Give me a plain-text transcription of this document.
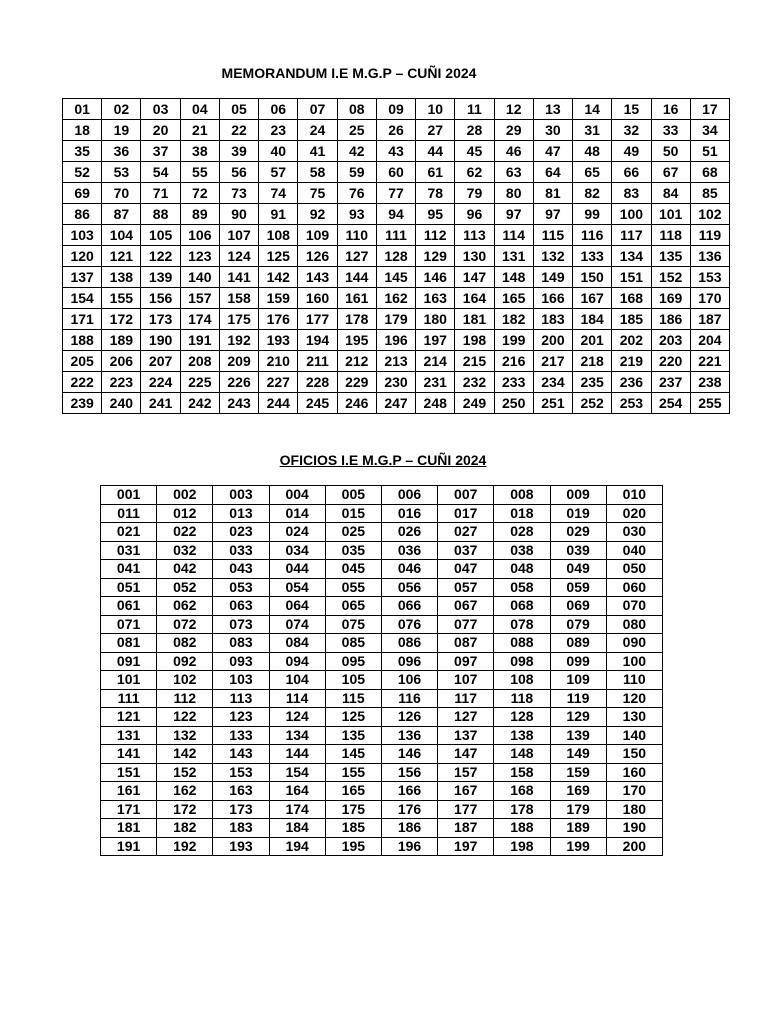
MEMORANDUM I.E M.G.P – CUÑI 2024
01	02	03	04	05	06	07	08	09	10	11	12	13	14	15	16	17
18	19	20	21	22	23	24	25	26	27	28	29	30	31	32	33	34
35	36	37	38	39	40	41	42	43	44	45	46	47	48	49	50	51
52	53	54	55	56	57	58	59	60	61	62	63	64	65	66	67	68
69	70	71	72	73	74	75	76	77	78	79	80	81	82	83	84	85
86	87	88	89	90	91	92	93	94	95	96	97	97	99	100	101	102
103	104	105	106	107	108	109	110	111	112	113	114	115	116	117	118	119
120	121	122	123	124	125	126	127	128	129	130	131	132	133	134	135	136
137	138	139	140	141	142	143	144	145	146	147	148	149	150	151	152	153
154	155	156	157	158	159	160	161	162	163	164	165	166	167	168	169	170
171	172	173	174	175	176	177	178	179	180	181	182	183	184	185	186	187
188	189	190	191	192	193	194	195	196	197	198	199	200	201	202	203	204
205	206	207	208	209	210	211	212	213	214	215	216	217	218	219	220	221
222	223	224	225	226	227	228	229	230	231	232	233	234	235	236	237	238
239	240	241	242	243	244	245	246	247	248	249	250	251	252	253	254	255
OFICIOS I.E M.G.P – CUÑI 2024
001	002	003	004	005	006	007	008	009	010
011	012	013	014	015	016	017	018	019	020
021	022	023	024	025	026	027	028	029	030
031	032	033	034	035	036	037	038	039	040
041	042	043	044	045	046	047	048	049	050
051	052	053	054	055	056	057	058	059	060
061	062	063	064	065	066	067	068	069	070
071	072	073	074	075	076	077	078	079	080
081	082	083	084	085	086	087	088	089	090
091	092	093	094	095	096	097	098	099	100
101	102	103	104	105	106	107	108	109	110
111	112	113	114	115	116	117	118	119	120
121	122	123	124	125	126	127	128	129	130
131	132	133	134	135	136	137	138	139	140
141	142	143	144	145	146	147	148	149	150
151	152	153	154	155	156	157	158	159	160
161	162	163	164	165	166	167	168	169	170
171	172	173	174	175	176	177	178	179	180
181	182	183	184	185	186	187	188	189	190
191	192	193	194	195	196	197	198	199	200
